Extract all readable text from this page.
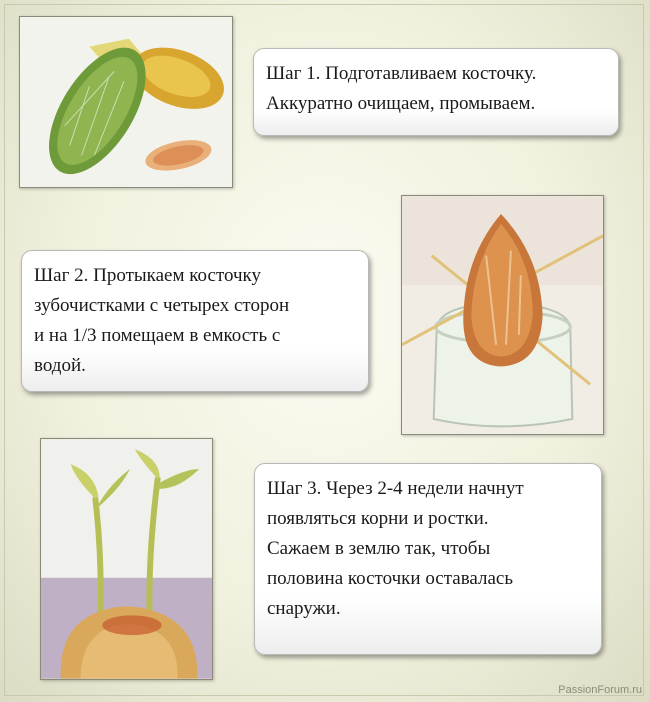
Шаг 1. Подготавливаем косточку.
Аккуратно очищаем, промываем.
Шаг 2. Протыкаем косточку
зубочистками с четырех сторон
и на 1/3 помещаем в емкость с
водой.
Шаг 3. Через 2-4 недели начнут
появляться корни и ростки.
Сажаем в землю так, чтобы
половина косточки оставалась
снаружи.
PassionForum.ru
